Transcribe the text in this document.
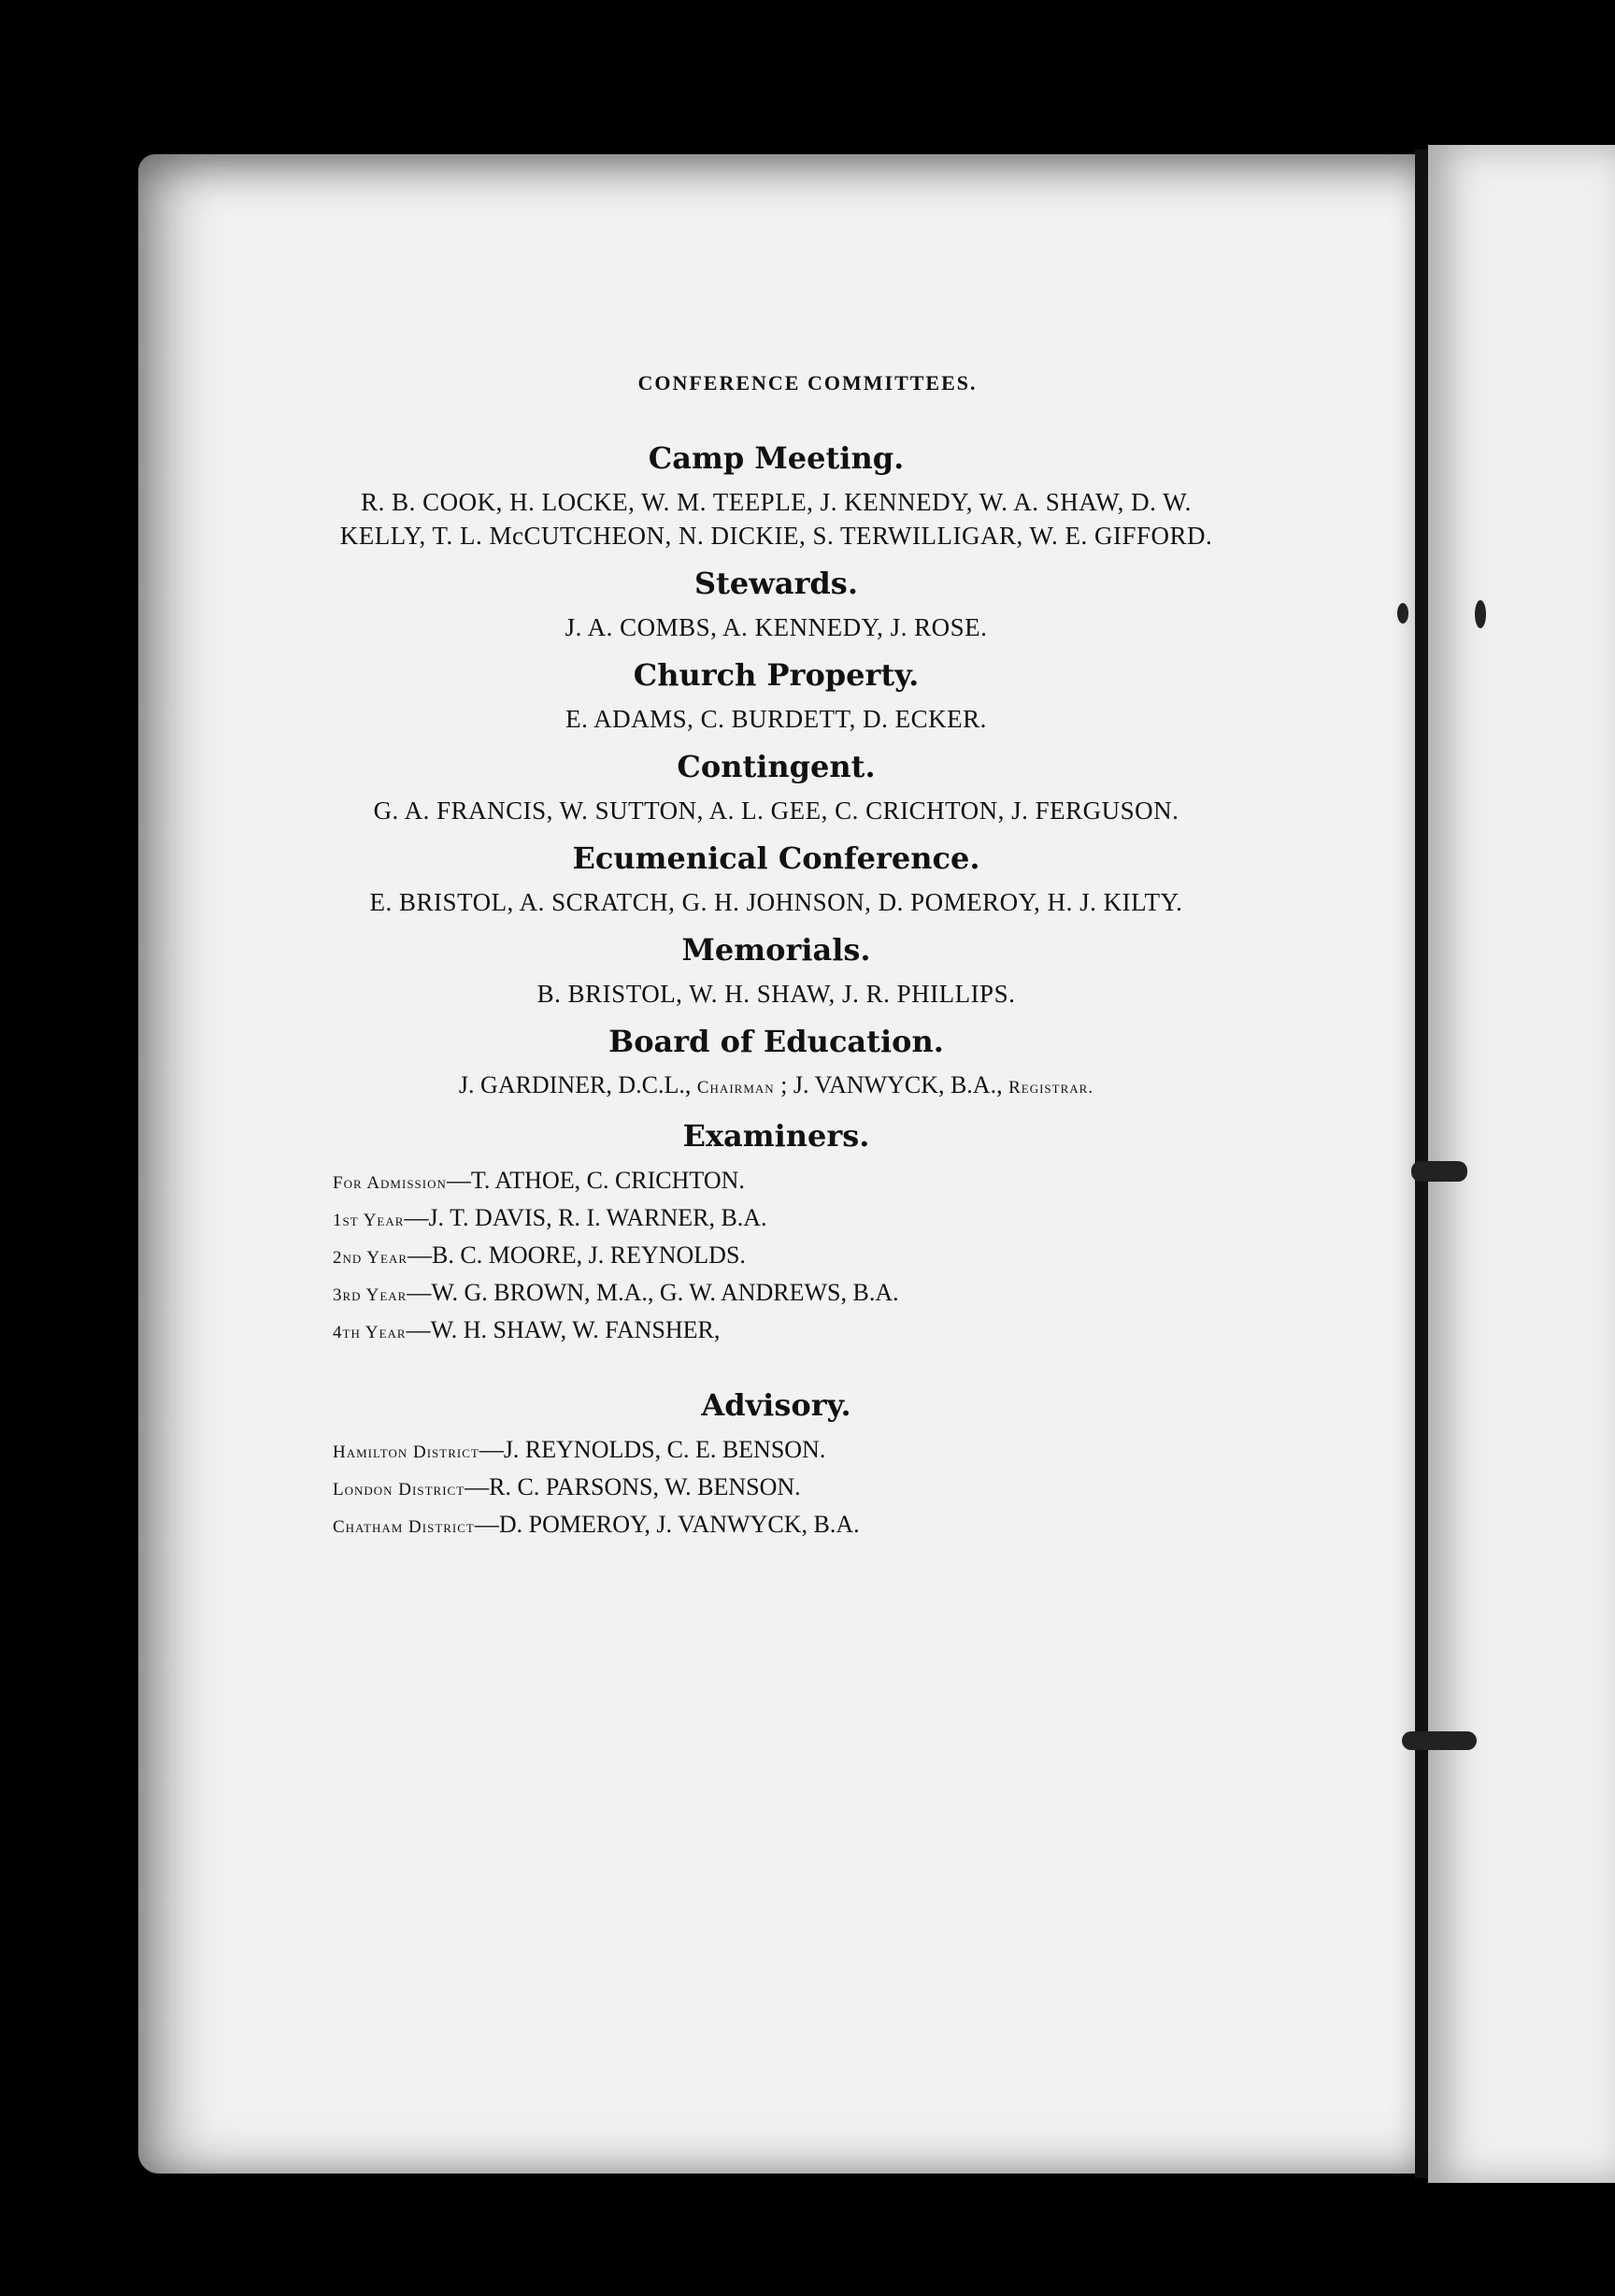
CONFERENCE COMMITTEES.
Camp Meeting.
R. B. COOK, H. LOCKE, W. M. TEEPLE, J. KENNEDY, W. A. SHAW, D. W. KELLY, T. L. McCUTCHEON, N. DICKIE, S. TERWILLIGAR, W. E. GIFFORD.
Stewards.
J. A. COMBS, A. KENNEDY, J. ROSE.
Church Property.
E. ADAMS, C. BURDETT, D. ECKER.
Contingent.
G. A. FRANCIS, W. SUTTON, A. L. GEE, C. CRICHTON, J. FERGUSON.
Ecumenical Conference.
E. BRISTOL, A. SCRATCH, G. H. JOHNSON, D. POMEROY, H. J. KILTY.
Memorials.
B. BRISTOL, W. H. SHAW, J. R. PHILLIPS.
Board of Education.
J. GARDINER, D.C.L., Chairman ; J. VANWYCK, B.A., Registrar.
Examiners.
For Admission—T. ATHOE, C. CRICHTON.
1st Year—J. T. DAVIS, R. I. WARNER, B.A.
2nd Year—B. C. MOORE, J. REYNOLDS.
3rd Year—W. G. BROWN, M.A., G. W. ANDREWS, B.A.
4th Year—W. H. SHAW, W. FANSHER,
Advisory.
Hamilton District—J. REYNOLDS, C. E. BENSON.
London District—R. C. PARSONS, W. BENSON.
Chatham District—D. POMEROY, J. VANWYCK, B.A.
